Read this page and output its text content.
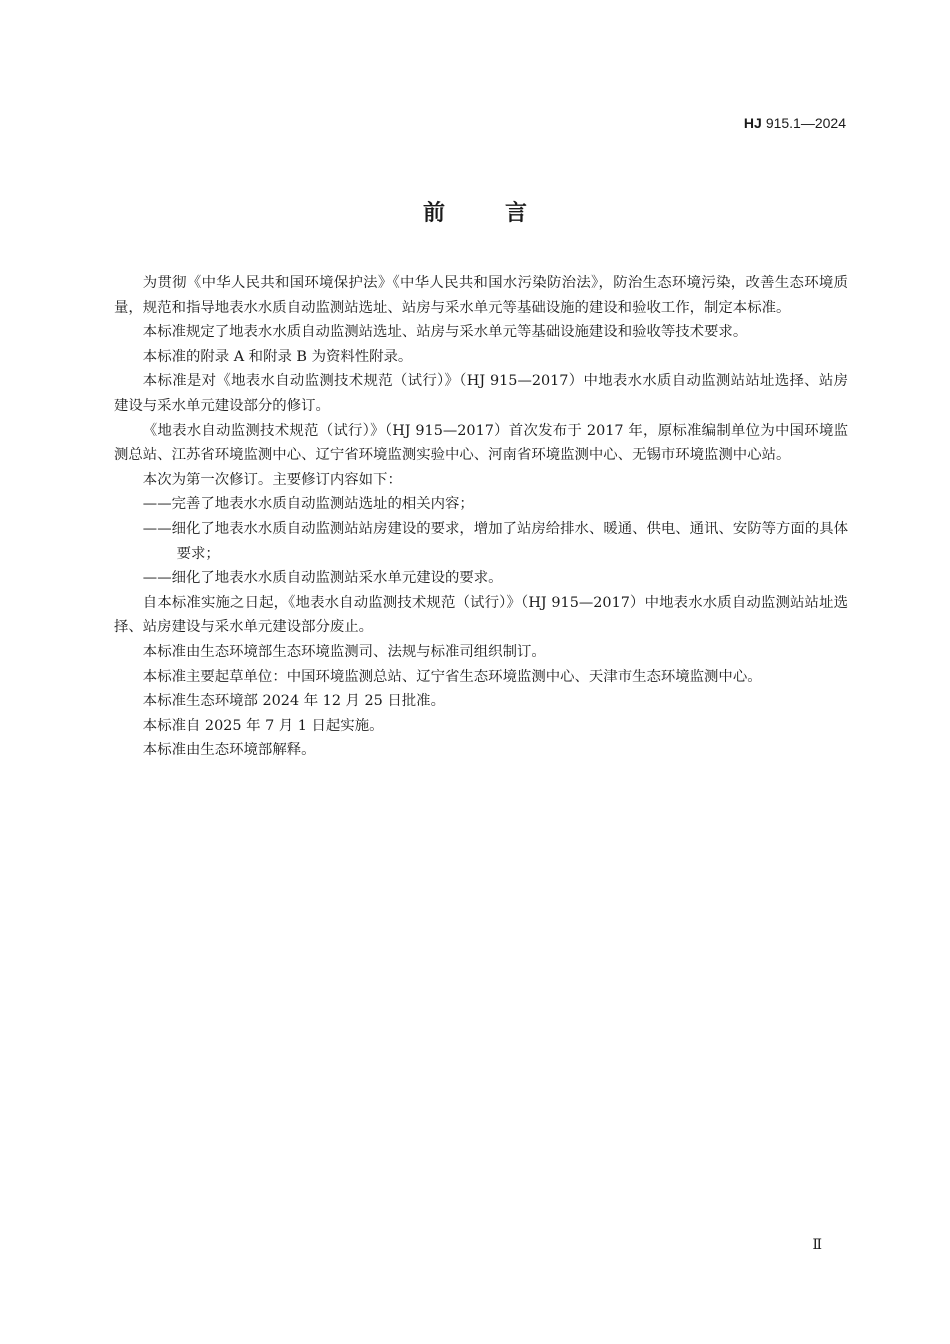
HJ 915.1—2024
前言

为贯彻《中华人民共和国环境保护法》《中华人民共和国水污染防治法》，防治生态环境污染，改善生态环境质量，规范和指导地表水水质自动监测站选址、站房与采水单元等基础设施的建设和验收工作，制定本标准。

本标准规定了地表水水质自动监测站选址、站房与采水单元等基础设施建设和验收等技术要求。

本标准的附录 A 和附录 B 为资料性附录。

本标准是对《地表水自动监测技术规范（试行）》（HJ 915—2017）中地表水水质自动监测站站址选择、站房建设与采水单元建设部分的修订。

《地表水自动监测技术规范（试行）》（HJ 915—2017）首次发布于 2017 年，原标准编制单位为中国环境监测总站、江苏省环境监测中心、辽宁省环境监测实验中心、河南省环境监测中心、无锡市环境监测中心站。

本次为第一次修订。主要修订内容如下：

——完善了地表水水质自动监测站选址的相关内容；

——细化了地表水水质自动监测站站房建设的要求，增加了站房给排水、暖通、供电、通讯、安防等方面的具体要求；

——细化了地表水水质自动监测站采水单元建设的要求。

自本标准实施之日起，《地表水自动监测技术规范（试行）》（HJ 915—2017）中地表水水质自动监测站站址选择、站房建设与采水单元建设部分废止。

本标准由生态环境部生态环境监测司、法规与标准司组织制订。

本标准主要起草单位：中国环境监测总站、辽宁省生态环境监测中心、天津市生态环境监测中心。

本标准生态环境部 2024 年 12 月 25 日批准。

本标准自 2025 年 7 月 1 日起实施。

本标准由生态环境部解释。

Ⅱ
